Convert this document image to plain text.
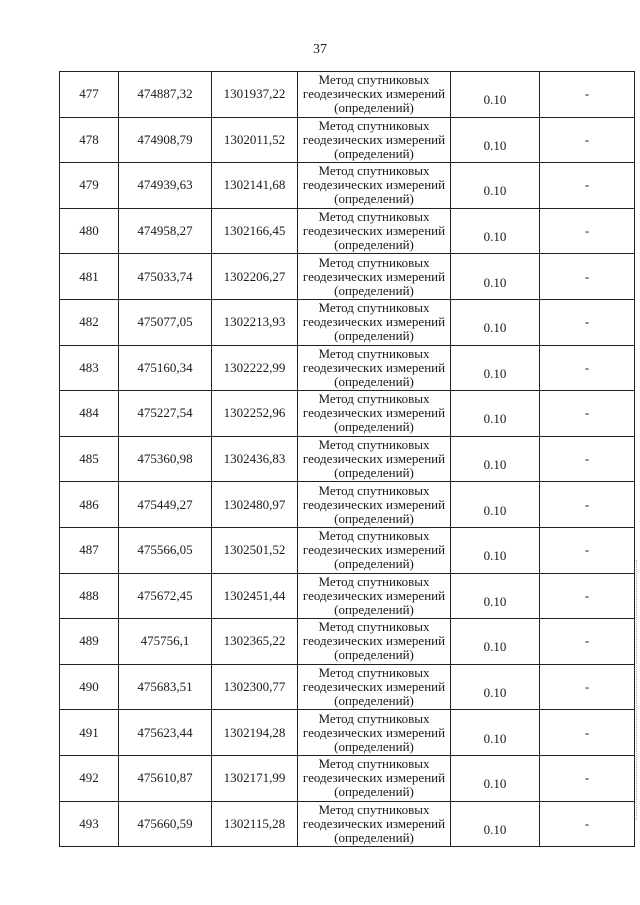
37
477	474887,32	1301937,22	Метод спутниковых
геодезических измерений
(определений)	0.10	-
478	474908,79	1302011,52	Метод спутниковых
геодезических измерений
(определений)	0.10	-
479	474939,63	1302141,68	Метод спутниковых
геодезических измерений
(определений)	0.10	-
480	474958,27	1302166,45	Метод спутниковых
геодезических измерений
(определений)	0.10	-
481	475033,74	1302206,27	Метод спутниковых
геодезических измерений
(определений)	0.10	-
482	475077,05	1302213,93	Метод спутниковых
геодезических измерений
(определений)	0.10	-
483	475160,34	1302222,99	Метод спутниковых
геодезических измерений
(определений)	0.10	-
484	475227,54	1302252,96	Метод спутниковых
геодезических измерений
(определений)	0.10	-
485	475360,98	1302436,83	Метод спутниковых
геодезических измерений
(определений)	0.10	-
486	475449,27	1302480,97	Метод спутниковых
геодезических измерений
(определений)	0.10	-
487	475566,05	1302501,52	Метод спутниковых
геодезических измерений
(определений)	0.10	-
488	475672,45	1302451,44	Метод спутниковых
геодезических измерений
(определений)	0.10	-
489	475756,1	1302365,22	Метод спутниковых
геодезических измерений
(определений)	0.10	-
490	475683,51	1302300,77	Метод спутниковых
геодезических измерений
(определений)	0.10	-
491	475623,44	1302194,28	Метод спутниковых
геодезических измерений
(определений)	0.10	-
492	475610,87	1302171,99	Метод спутниковых
геодезических измерений
(определений)	0.10	-
493	475660,59	1302115,28	Метод спутниковых
геодезических измерений
(определений)	0.10	-
